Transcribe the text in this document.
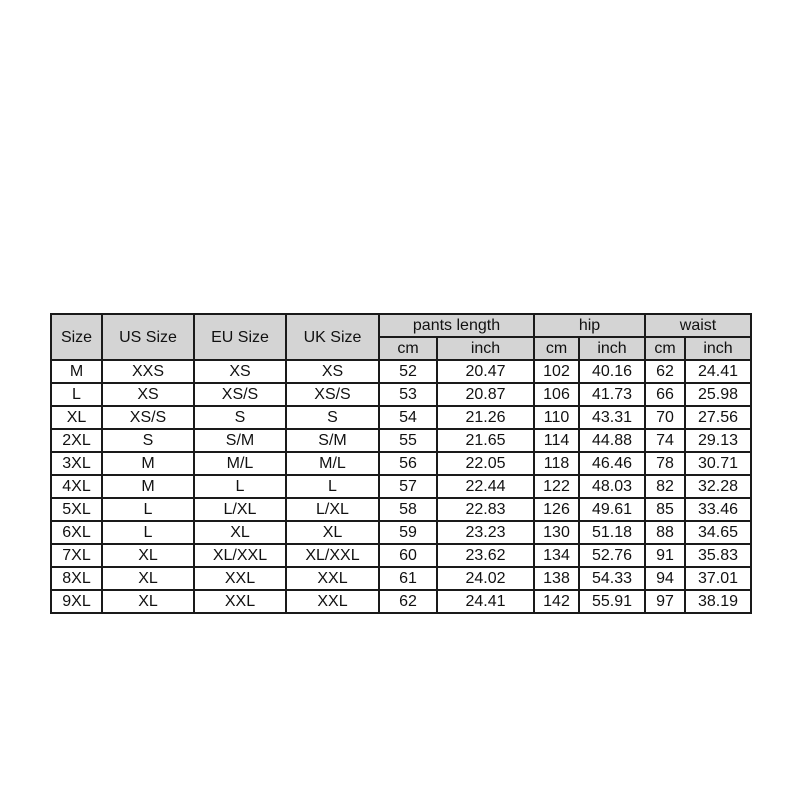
Size	US Size	EU Size	UK Size	pants length		hip		waist	
				cm	inch	cm	inch	cm	inch
M	XXS	XS	XS	52	20.47	102	40.16	62	24.41
L	XS	XS/S	XS/S	53	20.87	106	41.73	66	25.98
XL	XS/S	S	S	54	21.26	110	43.31	70	27.56
2XL	S	S/M	S/M	55	21.65	114	44.88	74	29.13
3XL	M	M/L	M/L	56	22.05	118	46.46	78	30.71
4XL	M	L	L	57	22.44	122	48.03	82	32.28
5XL	L	L/XL	L/XL	58	22.83	126	49.61	85	33.46
6XL	L	XL	XL	59	23.23	130	51.18	88	34.65
7XL	XL	XL/XXL	XL/XXL	60	23.62	134	52.76	91	35.83
8XL	XL	XXL	XXL	61	24.02	138	54.33	94	37.01
9XL	XL	XXL	XXL	62	24.41	142	55.91	97	38.19
